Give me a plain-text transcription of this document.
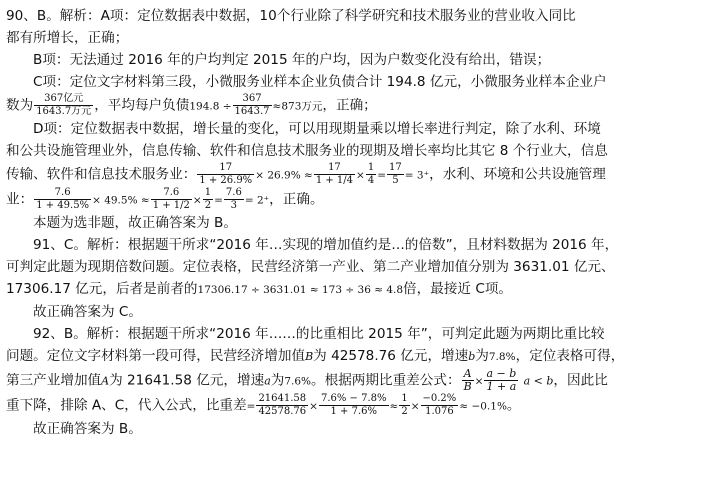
90、B。解析：A项：定位数据表中数据，10个行业除了科学研究和技术服务业的营业收入同比

都有所增长，正确；

B项：无法通过 2016 年的户均判定 2015 年的户均，因为户数变化没有给出，错误；

C项：定位文字材料第三段，小微服务业样本企业负债合计 194.8 亿元，小微服务业样本企业户

数为 $\frac{\text{367亿元}}{\text{1643.7万元}}$ ，平均每户负债$194.8 \div \frac{367}{1643.7} \approx 873$万元，正确；

D项：定位数据表中数据，增长量的变化，可以用现期量乘以增长率进行判定，除了水利、环境

和公共设施管理业外，信息传输、软件和信息技术服务业的现期及增长率均比其它 8 个行业大，信息

传输、软件和信息技术服务业： $\frac{17}{1 + 26.9\%} \times 26.9\% \approx \frac{17}{1 + 1/4} \times \frac{1}{4} = \frac{17}{5} = 3^+$，水利、环境和公共设施管理

业： $\frac{7.6}{1 + 49.5\%} \times 49.5\% \approx \frac{7.6}{1 + 1/2} \times \frac{1}{2} = \frac{7.6}{3} = 2^+$，正确。

本题为选非题，故正确答案为 B。

91、C。解析：根据题干所求“2016 年…实现的增加值约是…的倍数”，且材料数据为 2016 年，

可判定此题为现期倍数问题。定位表格，民营经济第一产业、第二产业增加值分别为 3631.01 亿元、

17306.17 亿元，后者是前者的17306.17 ÷ 3631.01 ≈ 173 ÷ 36 ≈ 4.8倍，最接近 C项。

故正确答案为 C。

92、B。解析：根据题干所求“2016 年……的比重相比 2015 年”，可判定此题为两期比重比较

问题。定位文字材料第一段可得，民营经济增加值B为 42578.76 亿元，增速b为7.8%，定位表格可得，

第三产业增加值A为 21641.58 亿元，增速a为7.6%。根据两期比重差公式： $\frac{A}{B} \times \frac{a - b}{1 + a}$ a < b，因此比

重下降，排除 A、C，代入公式，比重差= $\frac{21641.58}{42578.76} \times \frac{7.6\% - 7.8\%}{1 + 7.6\%} \approx \frac{1}{2} \times \frac{-0.2\%}{1.076} \approx -0.1\%$。

故正确答案为 B。
